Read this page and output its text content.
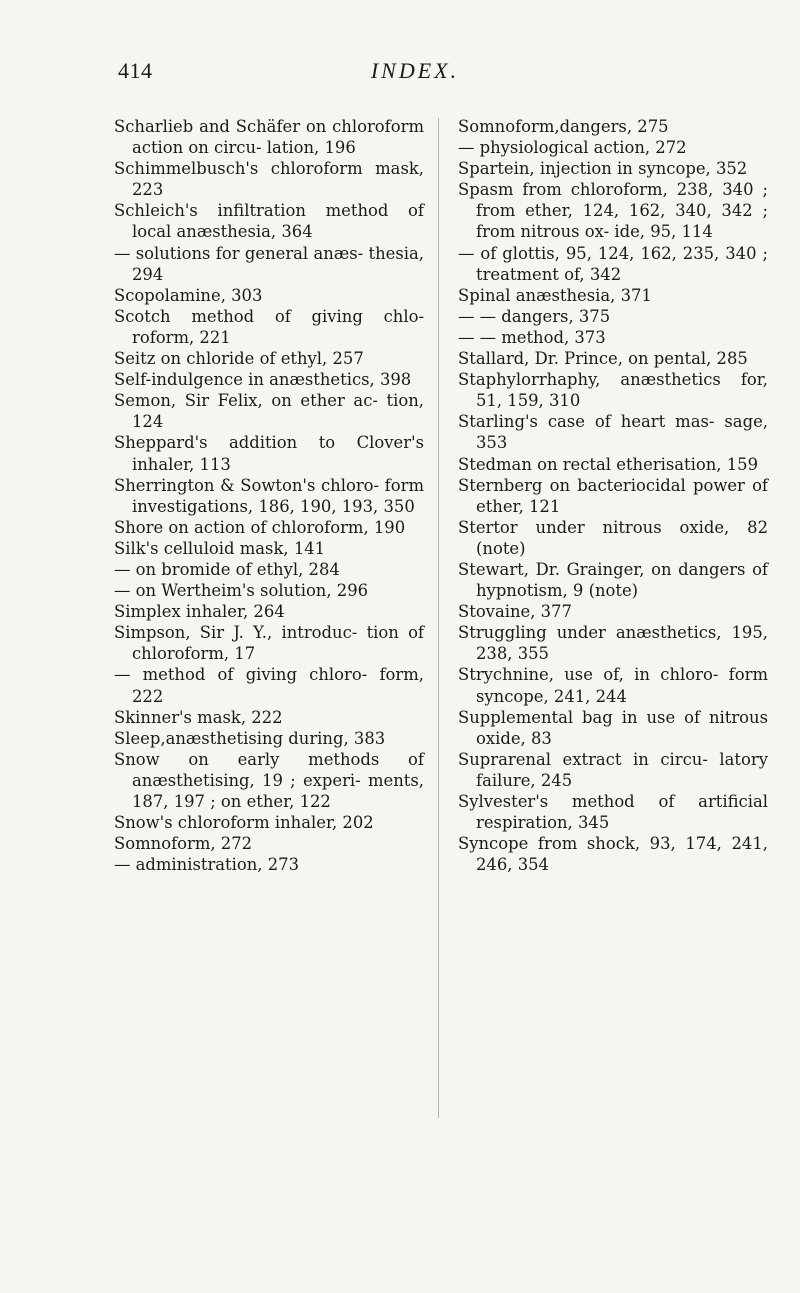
414	INDEX.

Scharlieb and Schäfer on chloroform action on circu- lation, 196

Schimmelbusch's chloroform mask, 223

Schleich's infiltration method of local anæsthesia, 364

— solutions for general anæs- thesia, 294

Scopolamine, 303

Scotch method of giving chlo- roform, 221

Seitz on chloride of ethyl, 257

Self-indulgence in anæsthetics, 398

Semon, Sir Felix, on ether ac- tion, 124

Sheppard's addition to Clover's inhaler, 113

Sherrington & Sowton's chloro- form investigations, 186, 190, 193, 350

Shore on action of chloroform, 190

Silk's celluloid mask, 141

— on bromide of ethyl, 284

— on Wertheim's solution, 296

Simplex inhaler, 264

Simpson, Sir J. Y., introduc- tion of chloroform, 17

— method of giving chloro- form, 222

Skinner's mask, 222

Sleep,anæsthetising during, 383

Snow on early methods of anæsthetising, 19 ; experi- ments, 187, 197 ; on ether, 122

Snow's chloroform inhaler, 202

Somnoform, 272

— administration, 273

Somnoform,dangers, 275

— physiological action, 272

Spartein, injection in syncope, 352

Spasm from chloroform, 238, 340 ; from ether, 124, 162, 340, 342 ; from nitrous ox- ide, 95, 114

— of glottis, 95, 124, 162, 235, 340 ; treatment of, 342

Spinal anæsthesia, 371

— — dangers, 375

— — method, 373

Stallard, Dr. Prince, on pental, 285

Staphylorrhaphy, anæsthetics for, 51, 159, 310

Starling's case of heart mas- sage, 353

Stedman on rectal etherisation, 159

Sternberg on bacteriocidal power of ether, 121

Stertor under nitrous oxide, 82 (note)

Stewart, Dr. Grainger, on dangers of hypnotism, 9 (note)

Stovaine, 377

Struggling under anæsthetics, 195, 238, 355

Strychnine, use of, in chloro- form syncope, 241, 244

Supplemental bag in use of nitrous oxide, 83

Suprarenal extract in circu- latory failure, 245

Sylvester's method of artificial respiration, 345

Syncope from shock, 93, 174, 241, 246, 354
